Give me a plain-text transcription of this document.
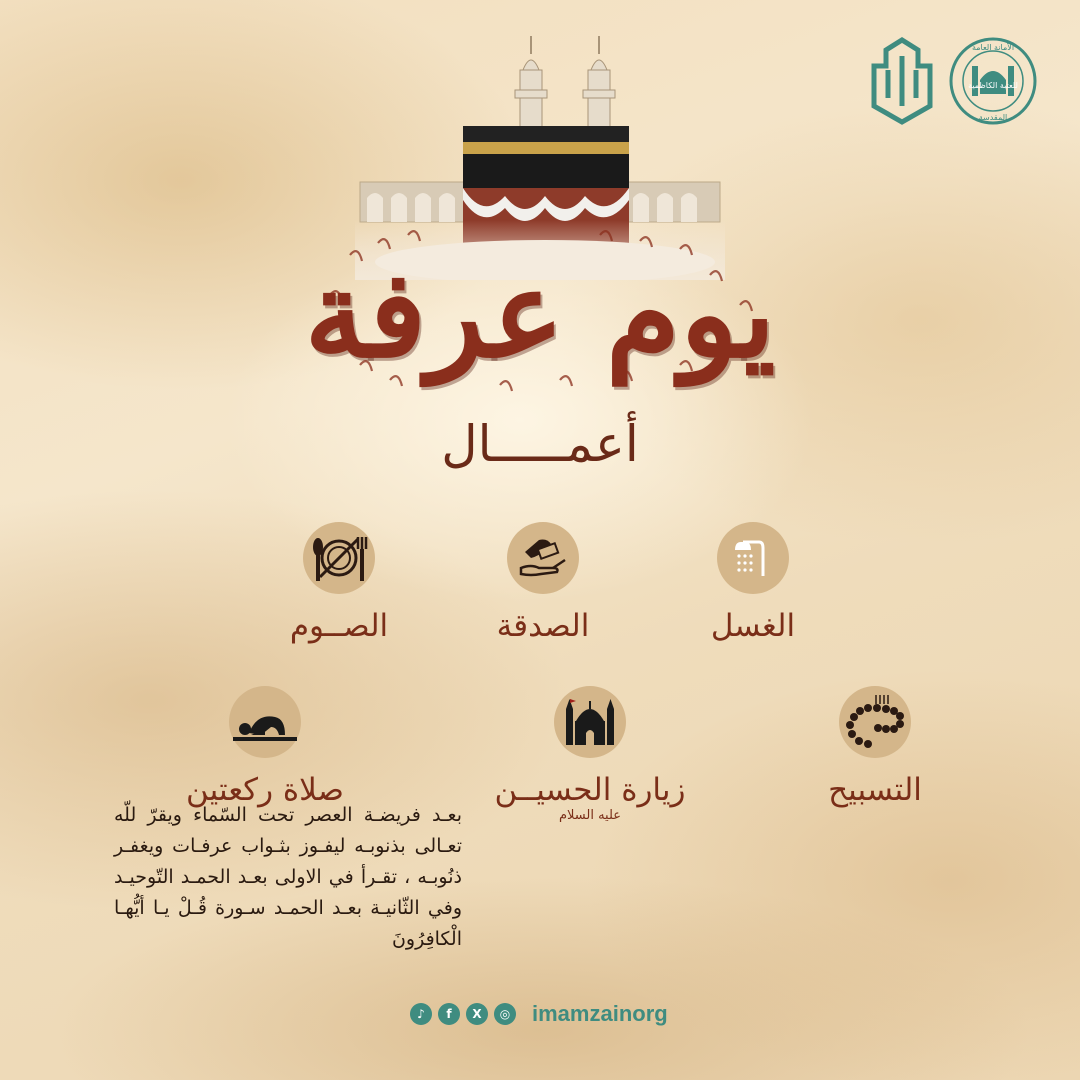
الأمانة العامة
للعتبة الكاظمية
المقدسة
يوم عرفة
أعمـــــال
الغسل
الصدقة
الصــوم
التسبيح
زيارة الحسيــن $^{عليه السلام}$
صلاة ركعتين
بعـد فريضـة العصر تحت السّماء ويقرّ للّه تعـالى بذنوبـه ليفـوز بثـواب عرفـات ويغفـر ذنُوبـه ، تقـرأ في الاولى بعـد الحمـد التّوحيـد وفي الثّانيـة بعـد الحمـد سـورة قُـلْ يـا أيُّهـا الْكافِرُونَ
♪	f	X	◎ imamzainorg
